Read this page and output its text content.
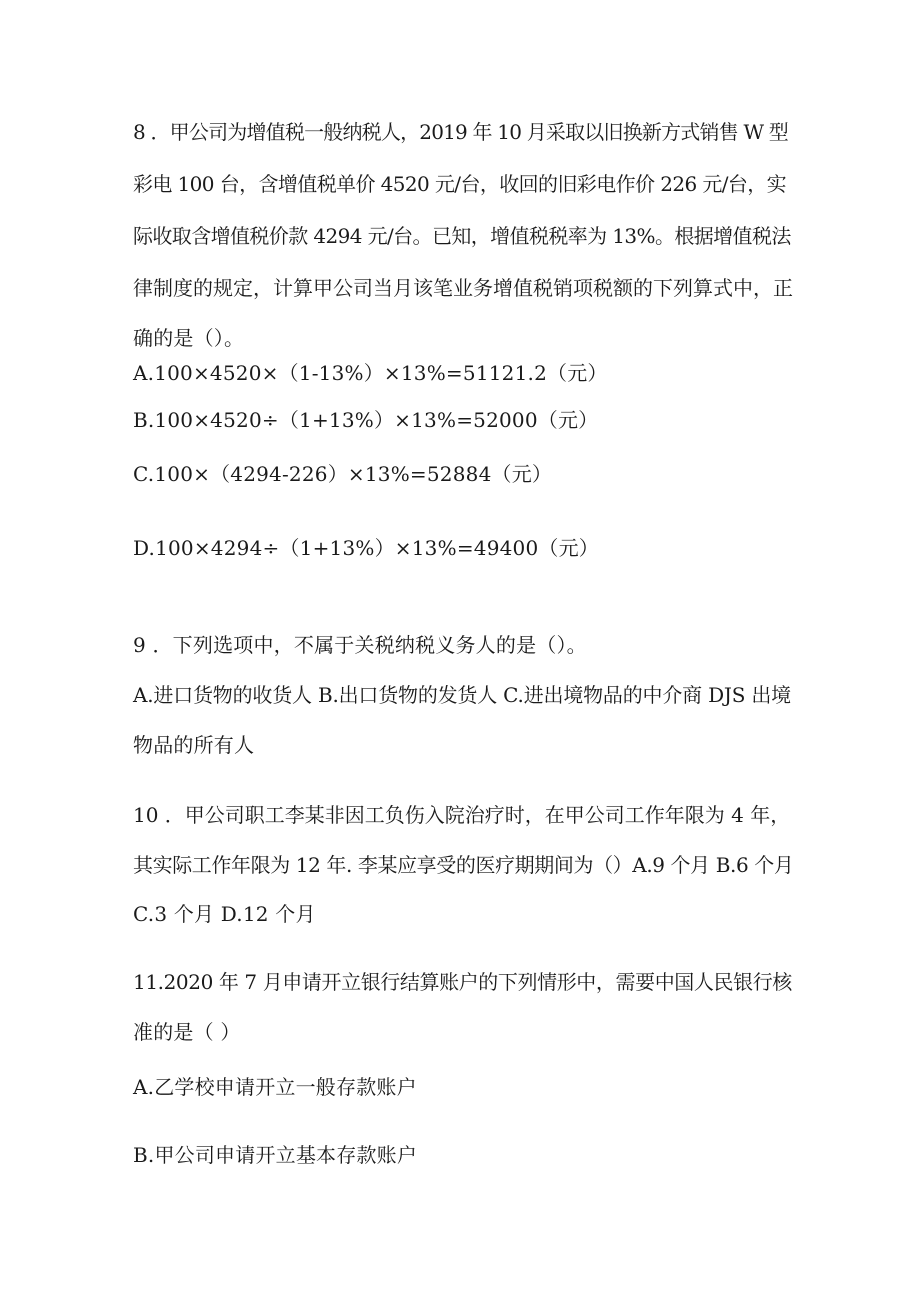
8 ．甲公司为增值税一般纳税人，2019 年 10 月采取以旧换新方式销售 W 型
彩电 100 台，含增值税单价 4520 元/台，收回的旧彩电作价 226 元/台，实
际收取含增值税价款 4294 元/台。已知，增值税税率为 13%。根据增值税法
律制度的规定，计算甲公司当月该笔业务增值税销项税额的下列算式中，正
确的是（）。
A.100×4520×（1-13%）×13%=51121.2（元）
B.100×4520÷（1+13%）×13%=52000（元）
C.100×（4294-226）×13%=52884（元）
D.100×4294÷（1+13%）×13%=49400（元）
9 ．下列选项中，不属于关税纳税义务人的是（）。
A.进口货物的收货人 B.出口货物的发货人 C.进出境物品的中介商 DJS 出境
物品的所有人
10 ．甲公司职工李某非因工负伤入院治疗时，在甲公司工作年限为 4 年，
其实际工作年限为 12 年. 李某应享受的医疗期期间为（）A.9 个月 B.6 个月
C.3 个月 D.12 个月
11.2020 年 7 月申请开立银行结算账户的下列情形中，需要中国人民银行核
准的是（ ）
A.乙学校申请开立一般存款账户
B.甲公司申请开立基本存款账户
